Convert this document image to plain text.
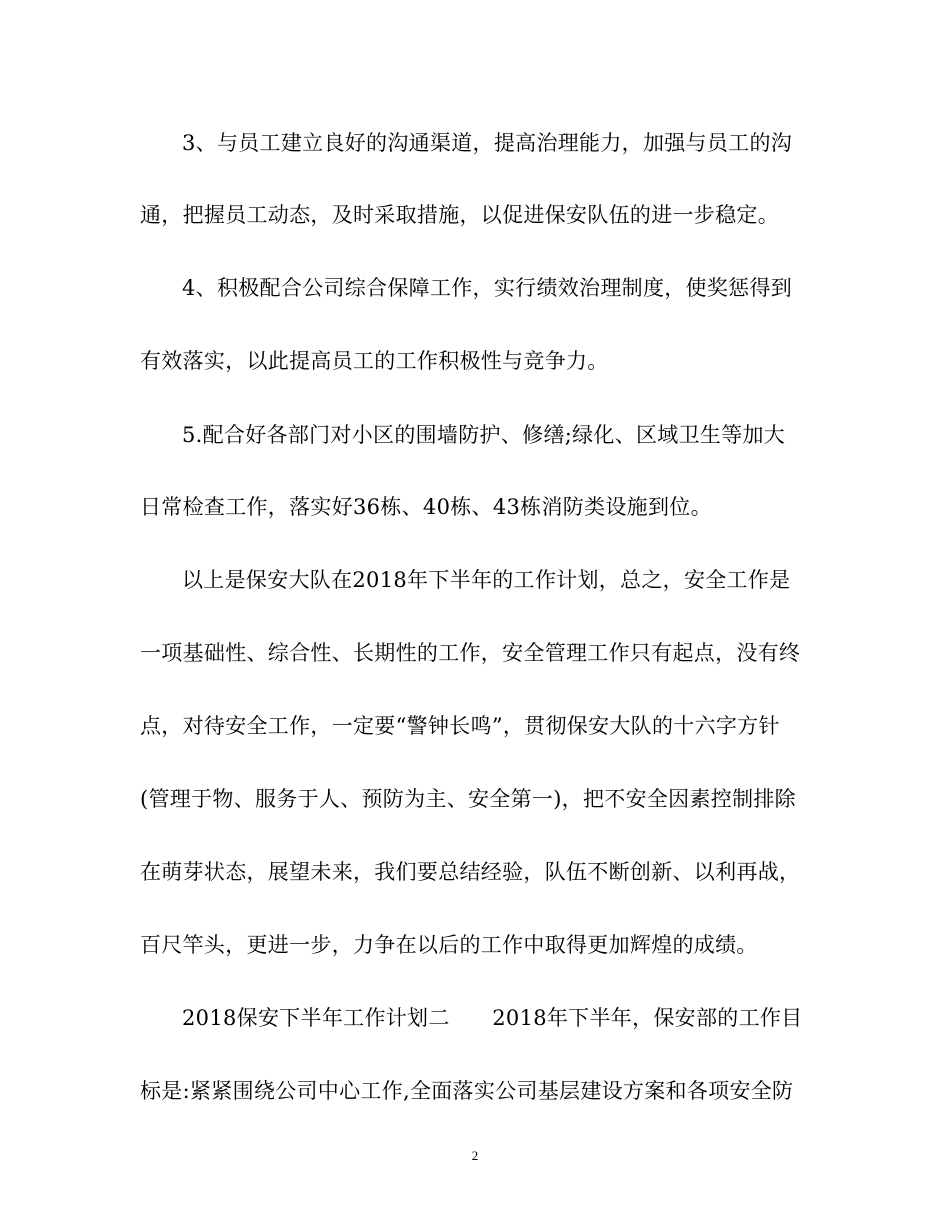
3、与员工建立良好的沟通渠道，提高治理能力，加强与员工的沟
通，把握员工动态，及时采取措施，以促进保安队伍的进一步稳定。
4、积极配合公司综合保障工作，实行绩效治理制度，使奖惩得到
有效落实，以此提高员工的工作积极性与竞争力。
5.配合好各部门对小区的围墙防护、修缮;绿化、区域卫生等加大
日常检查工作，落实好36栋、40栋、43栋消防类设施到位。
以上是保安大队在2018年下半年的工作计划，总之，安全工作是
一项基础性、综合性、长期性的工作，安全管理工作只有起点，没有终
点，对待安全工作，一定要“警钟长鸣”，贯彻保安大队的十六字方针
(管理于物、服务于人、预防为主、安全第一)，把不安全因素控制排除
在萌芽状态，展望未来，我们要总结经验，队伍不断创新、以利再战，
百尺竿头，更进一步，力争在以后的工作中取得更加辉煌的成绩。
2018保安下半年工作计划二　　2018年下半年，保安部的工作目
标是:紧紧围绕公司中心工作,全面落实公司基层建设方案和各项安全防
2
